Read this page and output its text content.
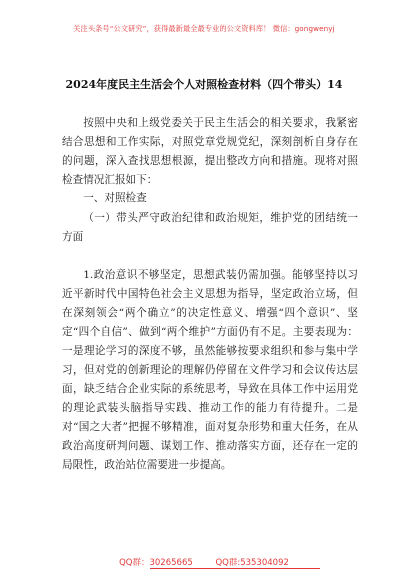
关注头条号“公文研究”，获得最新最全最专业的公文资料库！ 微信：gongwenyj
2024年度民主生活会个人对照检查材料（四个带头）14

按照中央和上级党委关于民主生活会的相关要求，我紧密结合思想和工作实际，对照党章党规党纪，深刻剖析自身存在的问题，深入查找思想根源，提出整改方向和措施。现将对照检查情况汇报如下：

一、对照检查

（一）带头严守政治纪律和政治规矩，维护党的团结统一方面

1.政治意识不够坚定，思想武装仍需加强。能够坚持以习近平新时代中国特色社会主义思想为指导，坚定政治立场，但在深刻领会“两个确立”的决定性意义、增强“四个意识”、坚定“四个自信”、做到“两个维护”方面仍有不足。主要表现为：一是理论学习的深度不够，虽然能够按要求组织和参与集中学习，但对党的创新理论的理解仍停留在文件学习和会议传达层面，缺乏结合企业实际的系统思考，导致在具体工作中运用党的理论武装头脑指导实践、推动工作的能力有待提升。二是对“国之大者”把握不够精准，面对复杂形势和重大任务，在从政治高度研判问题、谋划工作、推动落实方面，还存在一定的局限性，政治站位需要进一步提高。

QQ群：30265665	QQ群:535304092
